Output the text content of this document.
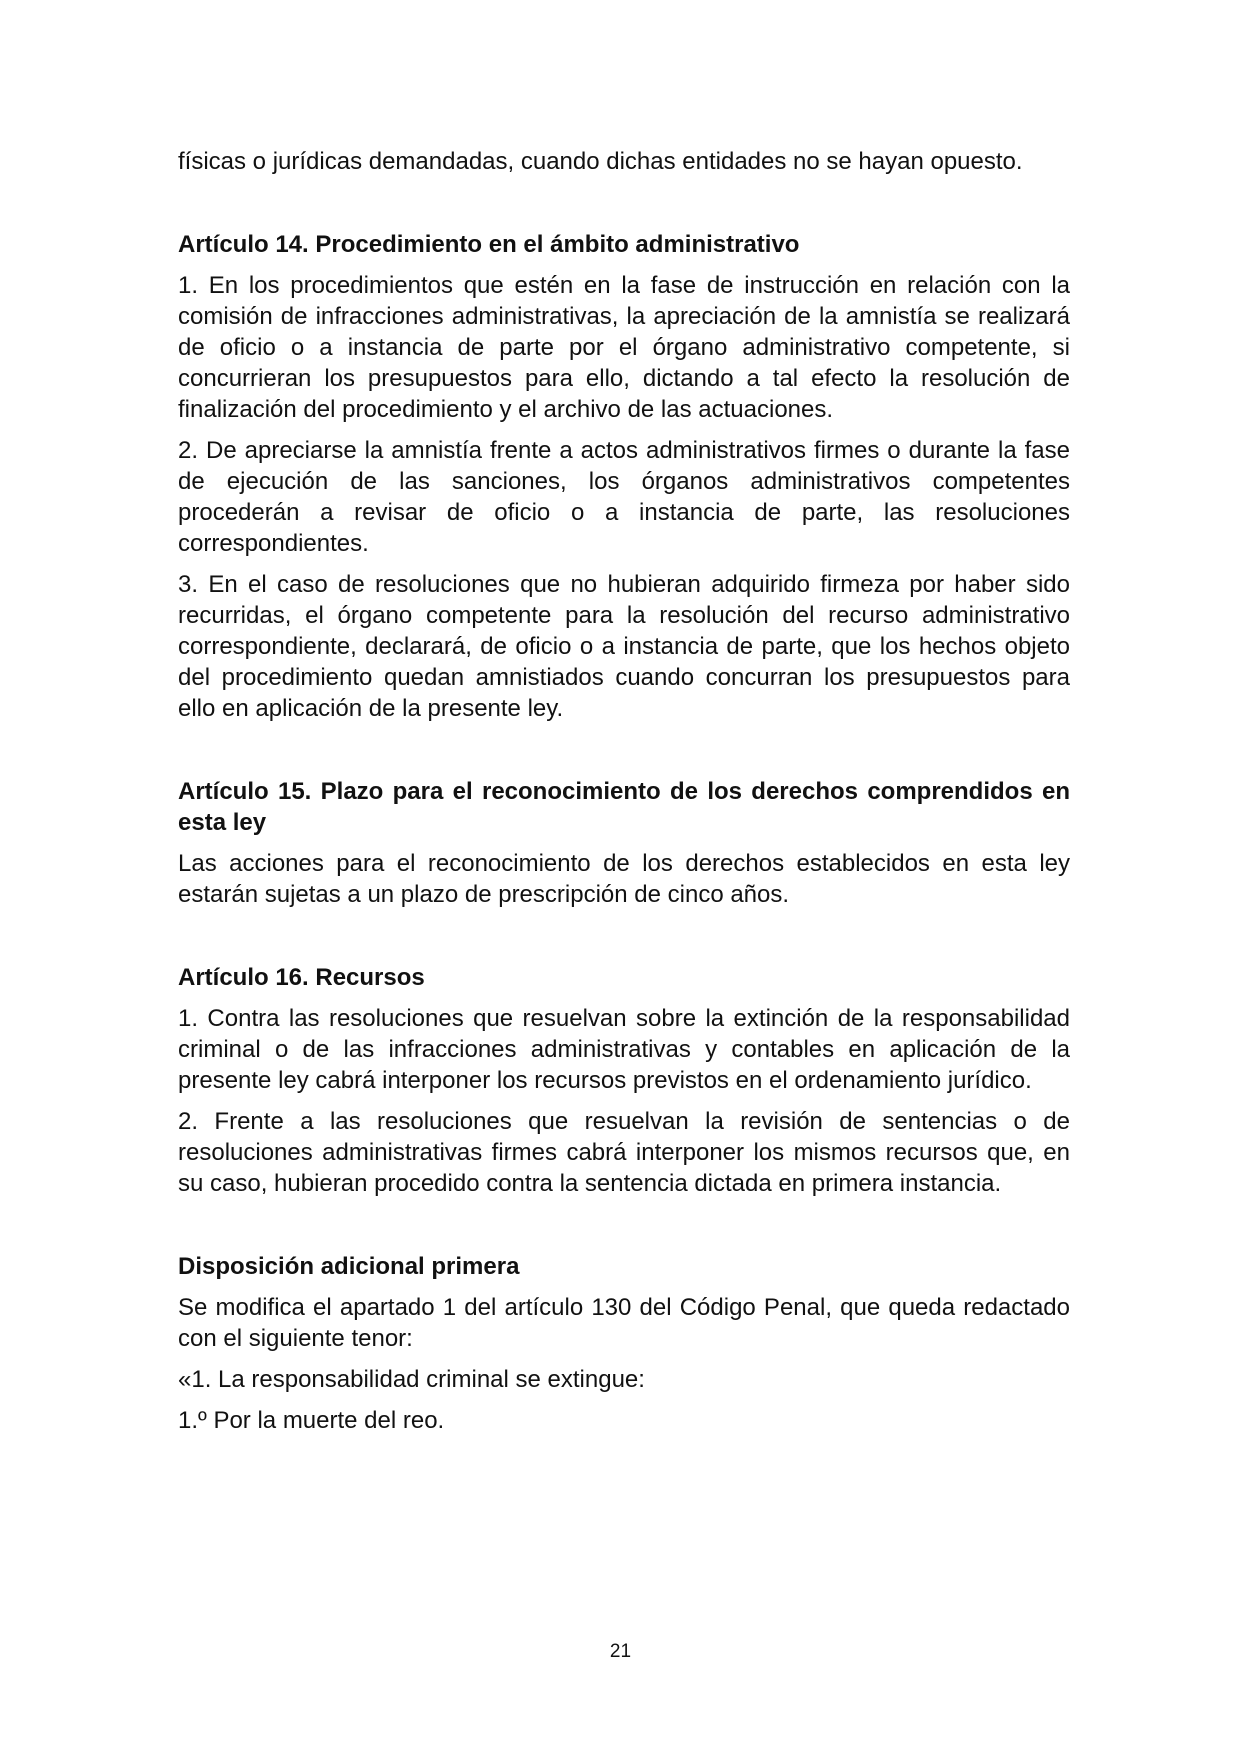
físicas o jurídicas demandadas, cuando dichas entidades no se hayan opuesto.

Artículo 14. Procedimiento en el ámbito administrativo

1. En los procedimientos que estén en la fase de instrucción en relación con la comisión de infracciones administrativas, la apreciación de la amnistía se realizará de oficio o a instancia de parte por el órgano administrativo competente, si concurrieran los presupuestos para ello, dictando a tal efecto la resolución de finalización del procedimiento y el archivo de las actuaciones.

2. De apreciarse la amnistía frente a actos administrativos firmes o durante la fase de ejecución de las sanciones, los órganos administrativos competentes procederán a revisar de oficio o a instancia de parte, las resoluciones correspondientes.

3. En el caso de resoluciones que no hubieran adquirido firmeza por haber sido recurridas, el órgano competente para la resolución del recurso administrativo correspondiente, declarará, de oficio o a instancia de parte, que los hechos objeto del procedimiento quedan amnistiados cuando concurran los presupuestos para ello en aplicación de la presente ley.

Artículo 15. Plazo para el reconocimiento de los derechos comprendidos en esta ley

Las acciones para el reconocimiento de los derechos establecidos en esta ley estarán sujetas a un plazo de prescripción de cinco años.

Artículo 16. Recursos

1. Contra las resoluciones que resuelvan sobre la extinción de la responsabilidad criminal o de las infracciones administrativas y contables en aplicación de la presente ley cabrá interponer los recursos previstos en el ordenamiento jurídico.

2. Frente a las resoluciones que resuelvan la revisión de sentencias o de resoluciones administrativas firmes cabrá interponer los mismos recursos que, en su caso, hubieran procedido contra la sentencia dictada en primera instancia.

Disposición adicional primera

Se modifica el apartado 1 del artículo 130 del Código Penal, que queda redactado con el siguiente tenor:

«1. La responsabilidad criminal se extingue:

1.º Por la muerte del reo.

21
